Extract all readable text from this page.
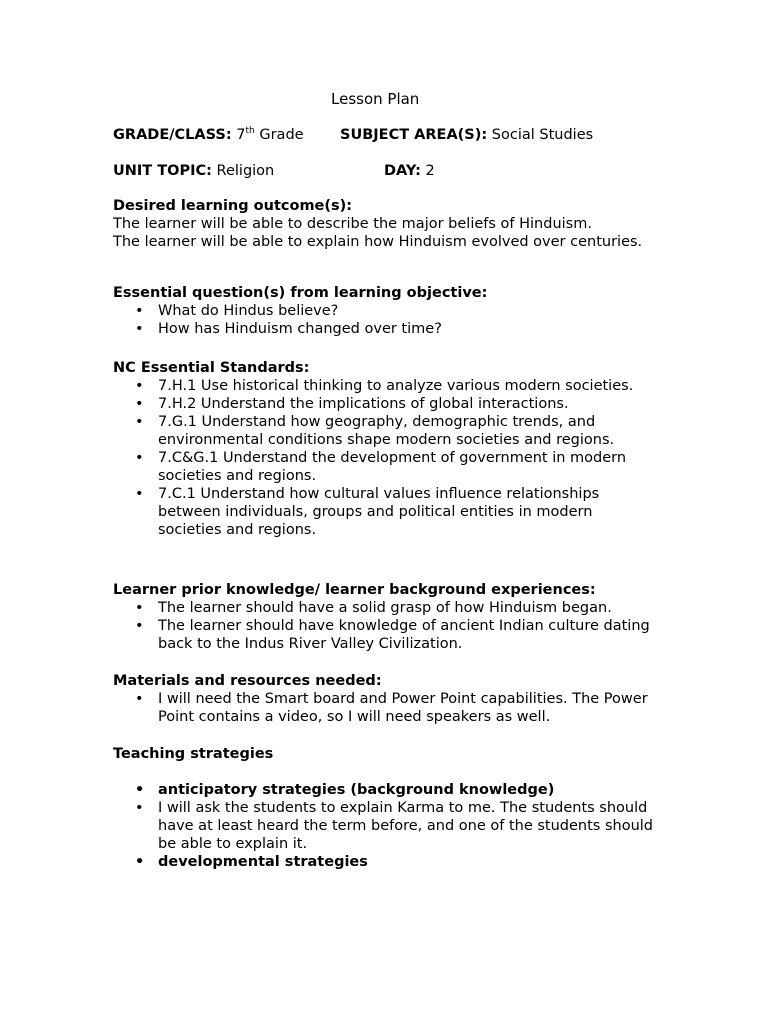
Lesson Plan
GRADE/CLASS: 7th Grade	SUBJECT AREA(S): Social Studies
UNIT TOPIC: Religion	DAY: 2
Desired learning outcome(s):

The learner will be able to describe the major beliefs of Hinduism.

The learner will be able to explain how Hinduism evolved over centuries.

Essential question(s) from learning objective:
• What do Hindus believe?
• How has Hinduism changed over time?
NC Essential Standards:
• 7.H.1 Use historical thinking to analyze various modern societies.
• 7.H.2 Understand the implications of global interactions.
• 7.G.1 Understand how geography, demographic trends, and environmental conditions shape modern societies and regions.
• 7.C&G.1 Understand the development of government in modern societies and regions.
• 7.C.1 Understand how cultural values influence relationships between individuals, groups and political entities in modern societies and regions.
Learner prior knowledge/ learner background experiences:
• The learner should have a solid grasp of how Hinduism began.
• The learner should have knowledge of ancient Indian culture dating back to the Indus River Valley Civilization.
Materials and resources needed:
• I will need the Smart board and Power Point capabilities. The Power Point contains a video, so I will need speakers as well.
Teaching strategies
• anticipatory strategies (background knowledge)
• I will ask the students to explain Karma to me. The students should have at least heard the term before, and one of the students should be able to explain it.
• developmental strategies
